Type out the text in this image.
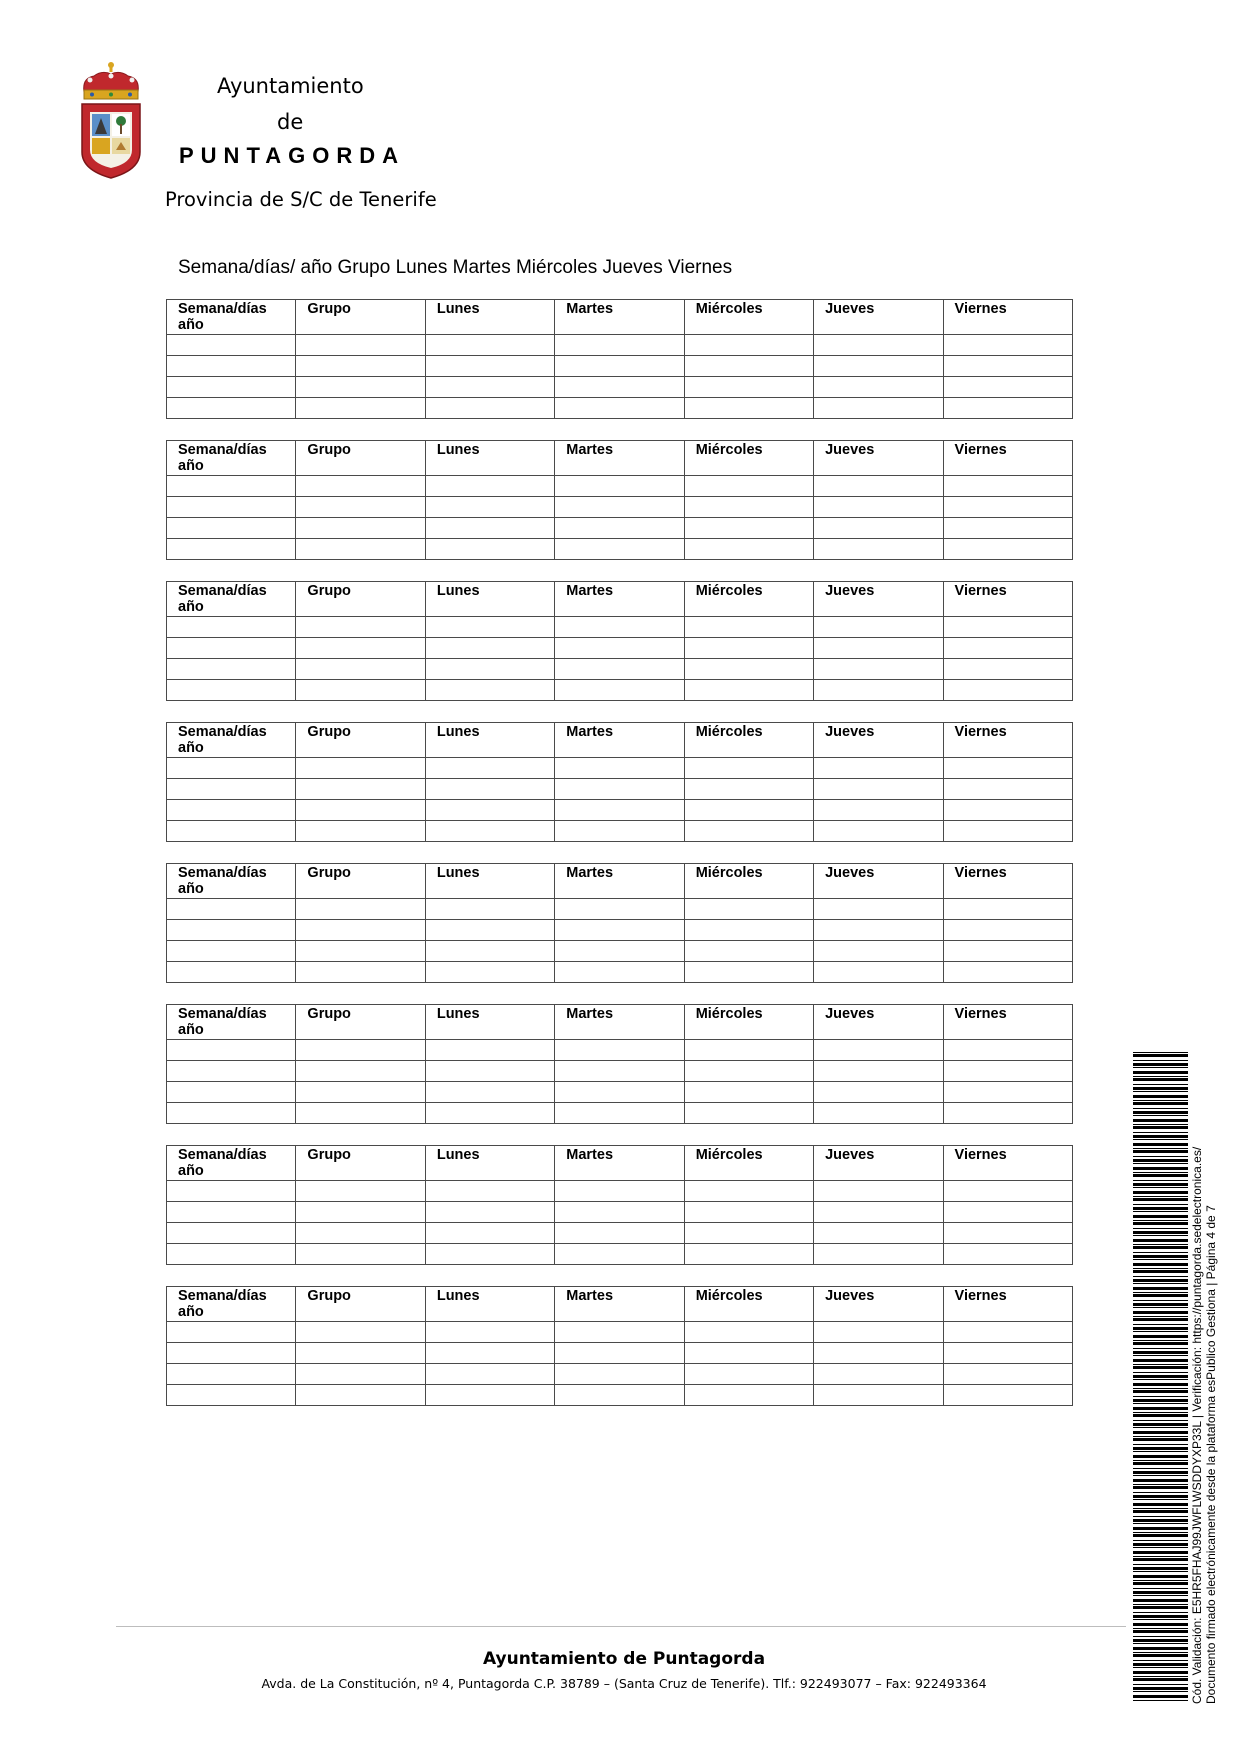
Ayuntamiento
de
PUNTAGORDA
Provincia de S/C de Tenerife
Semana/días/ año Grupo Lunes Martes Miércoles Jueves Viernes
Semana/días año	Grupo	Lunes	Martes	Miércoles	Jueves	Viernes

Semana/días año	Grupo	Lunes	Martes	Miércoles	Jueves	Viernes

Semana/días año	Grupo	Lunes	Martes	Miércoles	Jueves	Viernes

Semana/días año	Grupo	Lunes	Martes	Miércoles	Jueves	Viernes

Semana/días año	Grupo	Lunes	Martes	Miércoles	Jueves	Viernes

Semana/días año	Grupo	Lunes	Martes	Miércoles	Jueves	Viernes

Semana/días año	Grupo	Lunes	Martes	Miércoles	Jueves	Viernes

Semana/días año	Grupo	Lunes	Martes	Miércoles	Jueves	Viernes

Ayuntamiento de Puntagorda
Avda. de La Constitución, nº 4, Puntagorda C.P. 38789 – (Santa Cruz de Tenerife). Tlf.: 922493077 – Fax: 922493364	Cód. Validación: E5HR5FHAJ99JWFLWSDDYXP33L | Verificación: https://puntagorda.sedelectronica.es/ Documento firmado electrónicamente desde la plataforma esPublico Gestiona | Página 4 de 7
